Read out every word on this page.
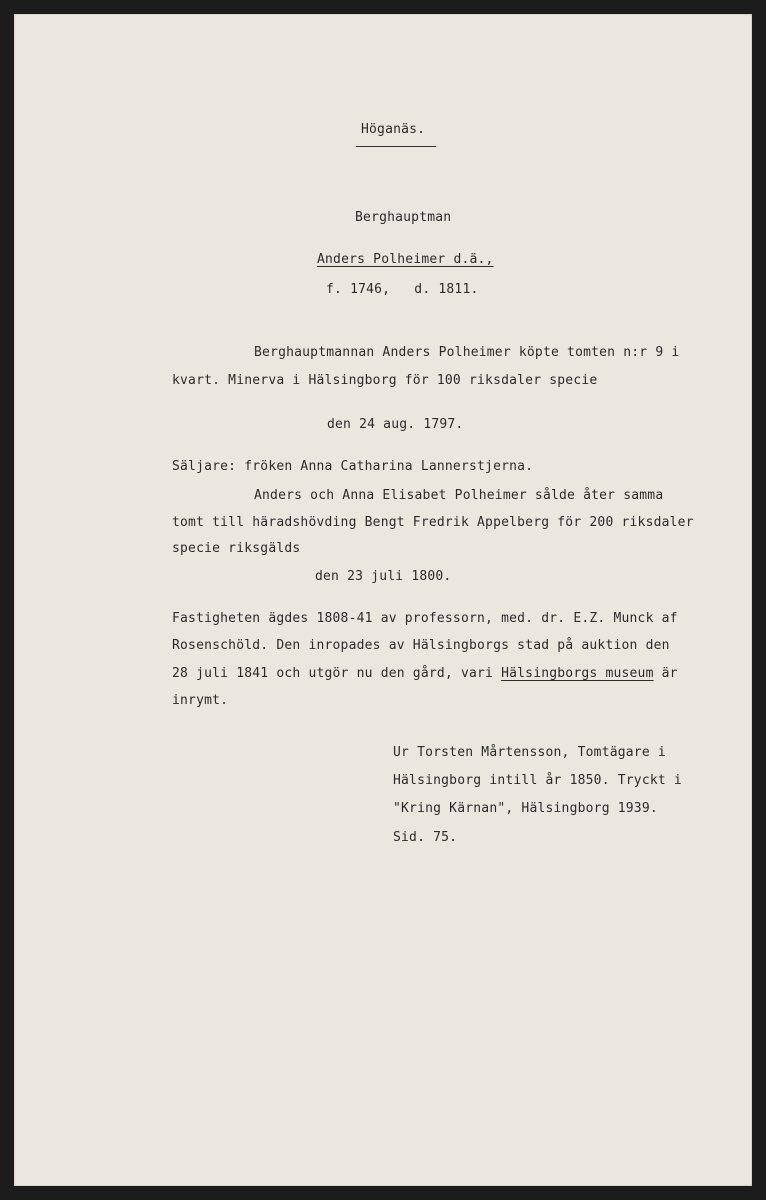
Höganäs.
Berghauptman
Anders Polheimer d.ä.,
f. 1746,   d. 1811.
Berghauptmannan Anders Polheimer köpte tomten n:r 9 i
kvart. Minerva i Hälsingborg för 100 riksdaler specie
den 24 aug. 1797.
Säljare: fröken Anna Catharina Lannerstjerna.
Anders och Anna Elisabet Polheimer sålde åter samma
tomt till häradshövding Bengt Fredrik Appelberg för 200 riksdaler
specie riksgälds
den 23 juli 1800.
Fastigheten ägdes 1808-41 av professorn, med. dr. E.Z. Munck af
Rosenschöld. Den inropades av Hälsingborgs stad på auktion den
28 juli 1841 och utgör nu den gård, vari Hälsingborgs museum är
inrymt.
Ur Torsten Mårtensson, Tomtägare i
Hälsingborg intill år 1850. Tryckt i
"Kring Kärnan", Hälsingborg 1939.
Sid. 75.
